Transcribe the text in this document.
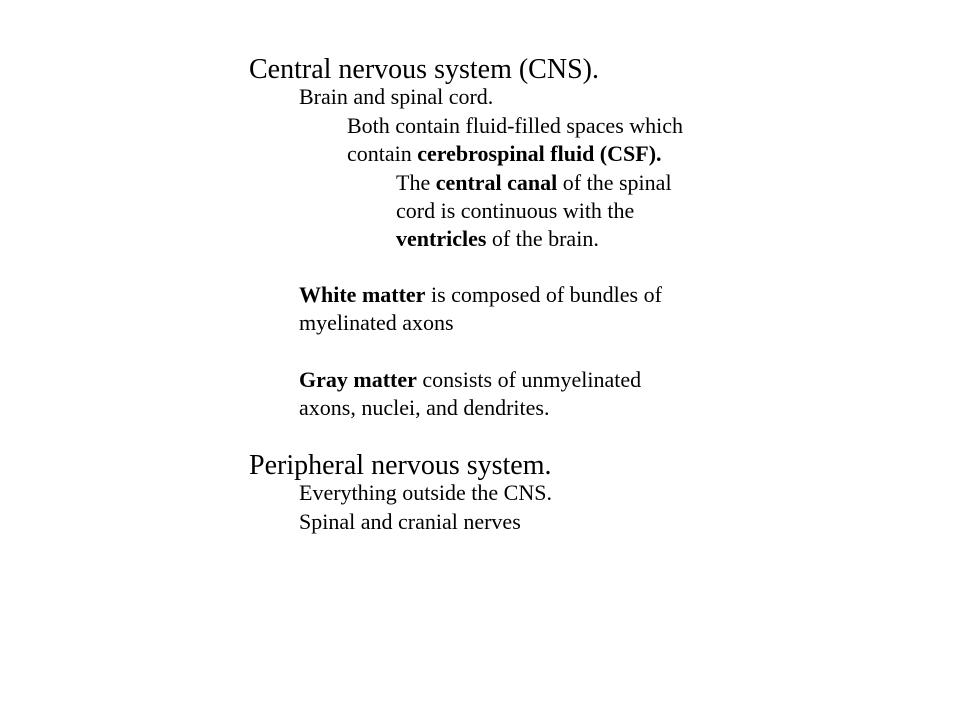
Central nervous system (CNS).
Brain and spinal cord.
Both contain fluid-filled spaces which
contain cerebrospinal fluid (CSF).
The central canal of the spinal
cord is continuous with the
ventricles of the brain.
White matter is composed of bundles of
myelinated axons
Gray matter consists of unmyelinated
axons, nuclei, and dendrites.
Peripheral nervous system.
Everything outside the CNS.
Spinal and cranial nerves
